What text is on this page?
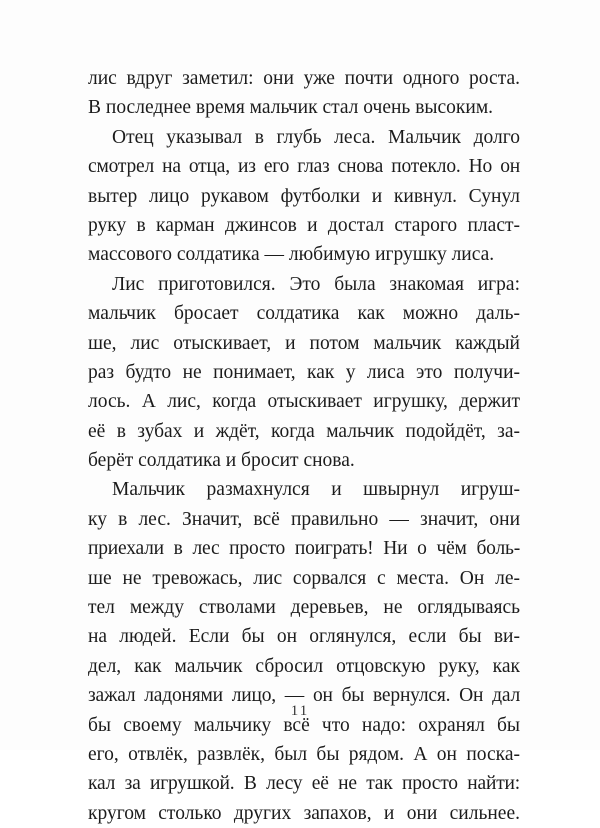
лис вдруг заметил: они уже почти одного роста.
В последнее время мальчик стал очень высоким.
Отец указывал в глубь леса. Мальчик долго
смотрел на отца, из его глаз снова потекло. Но он
вытер лицо рукавом футболки и кивнул. Сунул
руку в карман джинсов и достал старого пласт-
массового солдатика — любимую игрушку лиса.
Лис приготовился. Это была знакомая игра:
мальчик бросает солдатика как можно даль-
ше, лис отыскивает, и потом мальчик каждый
раз будто не понимает, как у лиса это получи-
лось. А лис, когда отыскивает игрушку, держит
её в зубах и ждёт, когда мальчик подойдёт, за-
берёт солдатика и бросит снова.
Мальчик размахнулся и швырнул игруш-
ку в лес. Значит, всё правильно — значит, они
приехали в лес просто поиграть! Ни о чём боль-
ше не тревожась, лис сорвался с места. Он ле-
тел между стволами деревьев, не оглядываясь
на людей. Если бы он оглянулся, если бы ви-
дел, как мальчик сбросил отцовскую руку, как
зажал ладонями лицо, — он бы вернулся. Он дал
бы своему мальчику всё что надо: охранял бы
его, отвлёк, развлёк, был бы рядом. А он поска-
кал за игрушкой. В лесу её не так просто найти:
кругом столько других запахов, и они сильнее.
11
